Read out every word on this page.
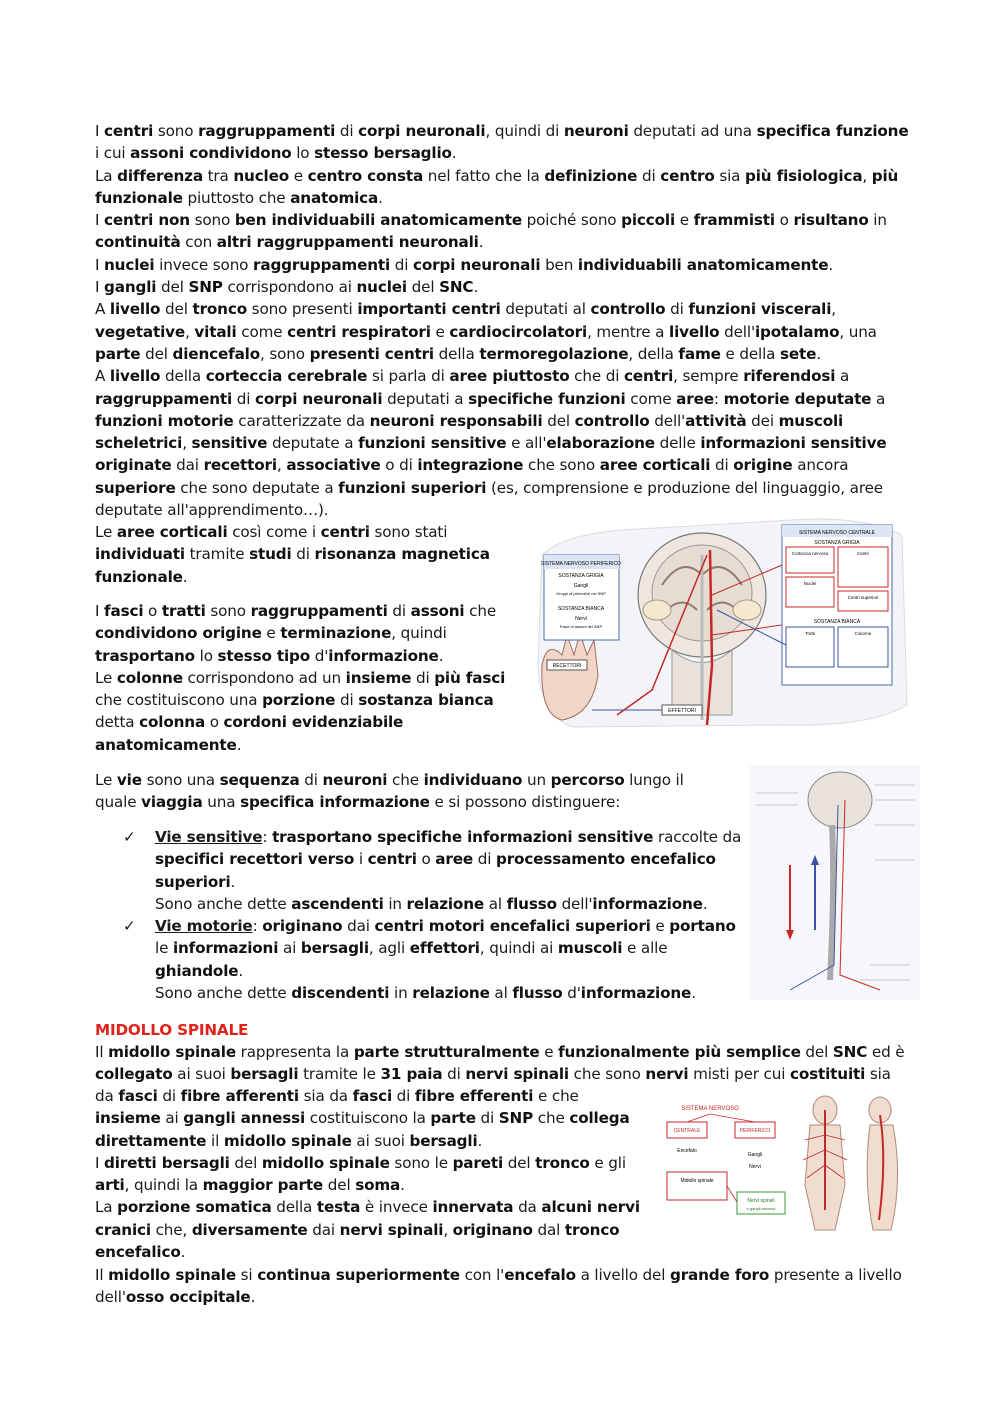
I centri sono raggruppamenti di corpi neuronali, quindi di neuroni deputati ad una specifica funzione i cui assoni condividono lo stesso bersaglio.

La differenza tra nucleo e centro consta nel fatto che la definizione di centro sia più fisiologica, più funzionale piuttosto che anatomica.

I centri non sono ben individuabili anatomicamente poiché sono piccoli e frammisti o risultano in continuità con altri raggruppamenti neuronali.

I nuclei invece sono raggruppamenti di corpi neuronali ben individuabili anatomicamente.

I gangli del SNP corrispondono ai nuclei del SNC.

A livello del tronco sono presenti importanti centri deputati al controllo di funzioni viscerali, vegetative, vitali come centri respiratori e cardiocircolatori, mentre a livello dell'ipotalamo, una parte del diencefalo, sono presenti centri della termoregolazione, della fame e della sete.

A livello della corteccia cerebrale si parla di aree piuttosto che di centri, sempre riferendosi a raggruppamenti di corpi neuronali deputati a specifiche funzioni come aree: motorie deputate a funzioni motorie caratterizzate da neuroni responsabili del controllo dell'attività dei muscoli scheletrici, sensitive deputate a funzioni sensitive e all'elaborazione delle informazioni sensitive originate dai recettori, associative o di integrazione che sono aree corticali di origine ancora superiore che sono deputate a funzioni superiori (es, comprensione e produzione del linguaggio, aree deputate all'apprendimento…).

Le aree corticali così come i centri sono stati individuati tramite studi di risonanza magnetica funzionale.

I fasci o tratti sono raggruppamenti di assoni che condividono origine e terminazione, quindi trasportano lo stesso tipo d'informazione.

Le colonne corrispondono ad un insieme di più fasci che costituiscono una porzione di sostanza bianca detta colonna o cordoni evidenziabile anatomicamente.

SISTEMA NERVOSO PERIFERICO
SOSTANZA GRIGIA
Gangli
Gruppi di pirenofori nel SNP
SOSTANZA BIANCA
Nervi
Fasci di assoni del SNP
RECETTORI
EFFETTORI
SISTEMA NERVOSO CENTRALE
SOSTANZA GRIGIA
Corteccia nervosa	Centri
Nuclei
Centri superiori
SOSTANZA BIANCA
Tratti	Colonne

Le vie sono una sequenza di neuroni che individuano un percorso lungo il quale viaggia una specifica informazione e si possono distinguere:

✓ Vie sensitive: trasportano specifiche informazioni sensitive raccolte da specifici recettori verso i centri o aree di processamento encefalico superiori.

Sono anche dette ascendenti in relazione al flusso dell'informazione.

✓ Vie motorie: originano dai centri motori encefalici superiori e portano le informazioni ai bersagli, agli effettori, quindi ai muscoli e alle ghiandole.

Sono anche dette discendenti in relazione al flusso d'informazione.

MIDOLLO SPINALE

Il midollo spinale rappresenta la parte strutturalmente e funzionalmente più semplice del SNC ed è collegato ai suoi bersagli tramite le 31 paia di nervi spinali che sono nervi misti per cui costituiti sia

da fasci di fibre afferenti sia da fasci di fibre efferenti e che insieme ai gangli annessi costituiscono la parte di SNP che collega direttamente il midollo spinale ai suoi bersagli.

I diretti bersagli del midollo spinale sono le pareti del tronco e gli arti, quindi la maggior parte del soma.

La porzione somatica della testa è invece innervata da alcuni nervi cranici che, diversamente dai nervi spinali, originano dal tronco encefalico.

SISTEMA NERVOSO
CENTRALE	PERIFERICO
Encefalo
Gangli
Nervi
Midollo spinale
Nervi spinali
e gangli annessi

Il midollo spinale si continua superiormente con l'encefalo a livello del grande foro presente a livello dell'osso occipitale.
